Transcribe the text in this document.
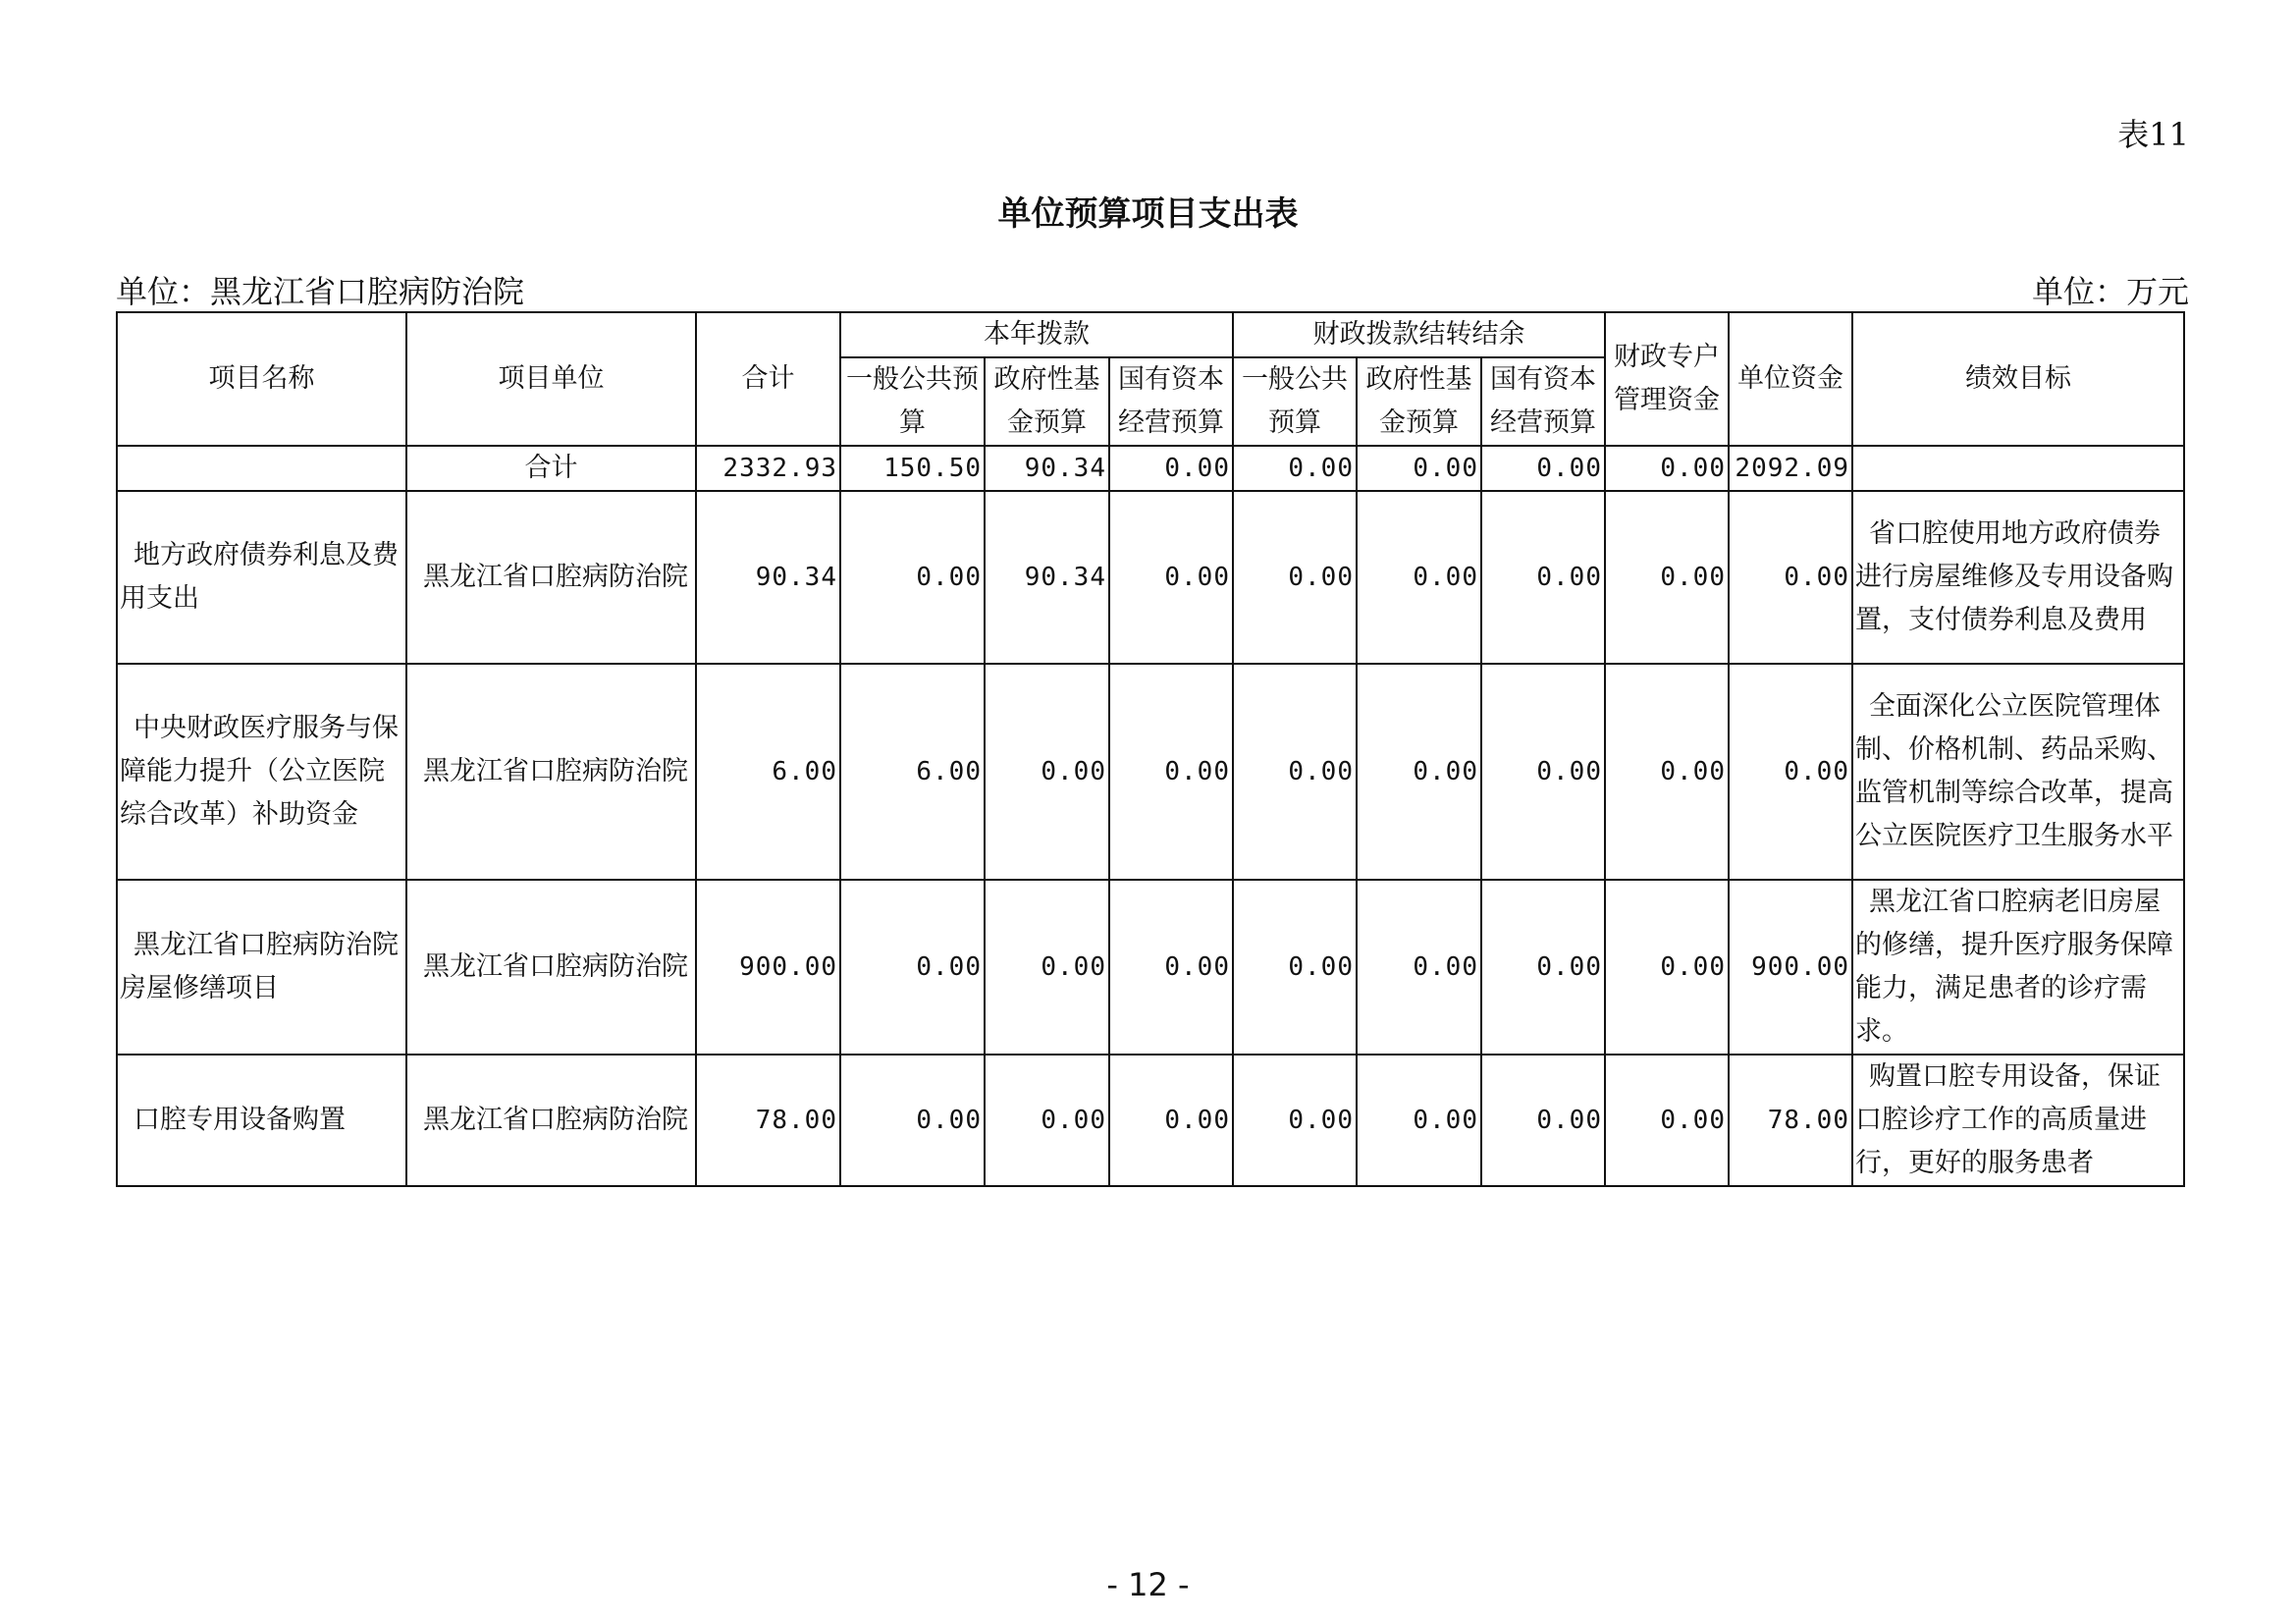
表11
单位预算项目支出表
单位：黑龙江省口腔病防治院	单位：万元
项目名称	项目单位	合计	本年拨款			财政拨款结转结余			财政专户管理资金	单位资金	绩效目标
			一般公共预算	政府性基金预算	国有资本经营预算	一般公共预算	政府性基金预算	国有资本经营预算			
	合计	2332.93	150.50	90.34	0.00	0.00	0.00	0.00	0.00	2092.09	
地方政府债券利息及费用支出	黑龙江省口腔病防治院	90.34	0.00	90.34	0.00	0.00	0.00	0.00	0.00	0.00	省口腔使用地方政府债券进行房屋维修及专用设备购置，支付债券利息及费用
中央财政医疗服务与保障能力提升（公立医院综合改革）补助资金	黑龙江省口腔病防治院	6.00	6.00	0.00	0.00	0.00	0.00	0.00	0.00	0.00	全面深化公立医院管理体制、价格机制、药品采购、监管机制等综合改革，提高公立医院医疗卫生服务水平
黑龙江省口腔病防治院房屋修缮项目	黑龙江省口腔病防治院	900.00	0.00	0.00	0.00	0.00	0.00	0.00	0.00	900.00	黑龙江省口腔病老旧房屋的修缮，提升医疗服务保障能力，满足患者的诊疗需求。
口腔专用设备购置	黑龙江省口腔病防治院	78.00	0.00	0.00	0.00	0.00	0.00	0.00	0.00	78.00	购置口腔专用设备，保证口腔诊疗工作的高质量进行，更好的服务患者
- 12 -
